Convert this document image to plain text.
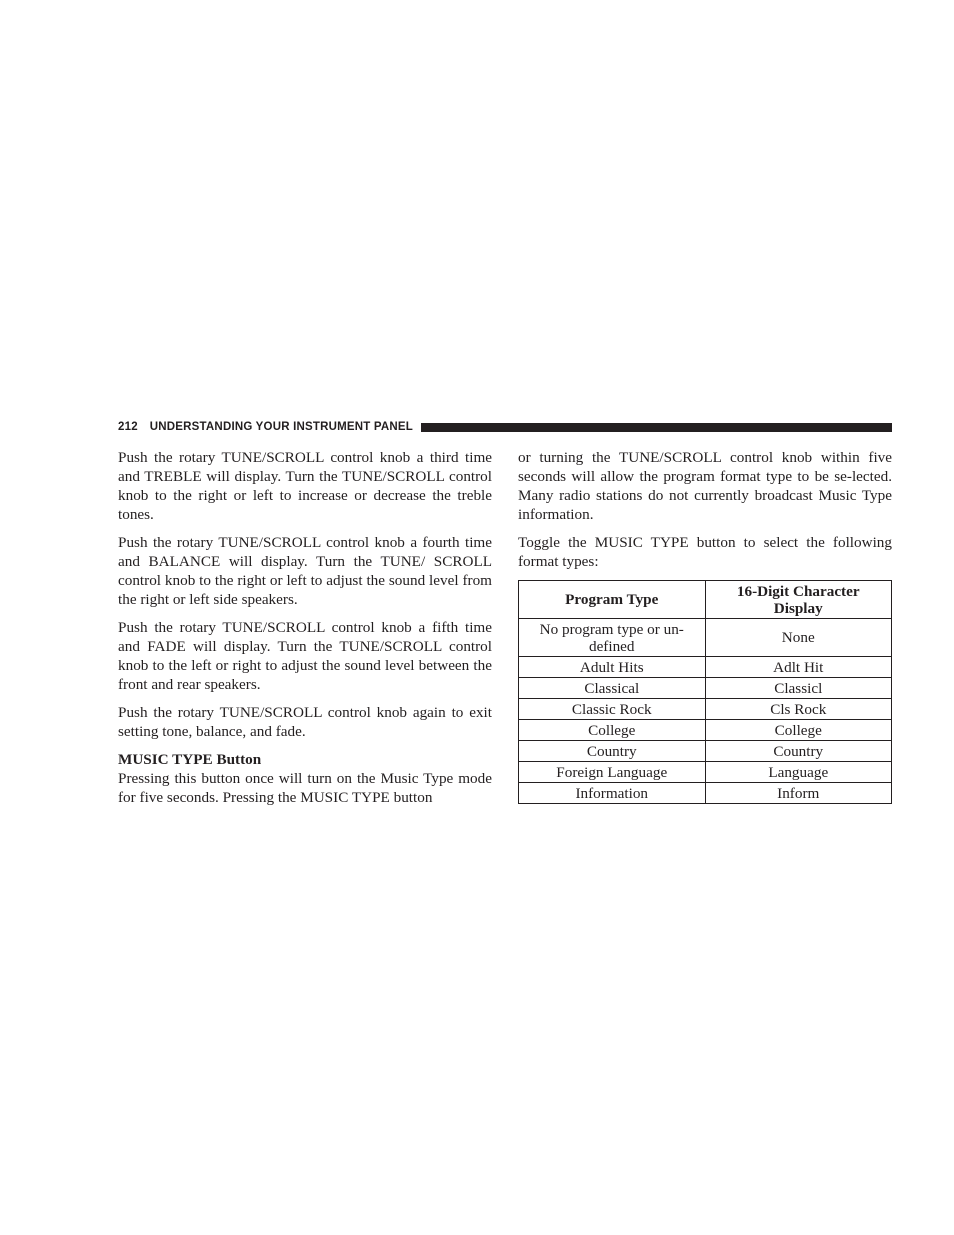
212 UNDERSTANDING YOUR INSTRUMENT PANEL

Push the rotary TUNE/SCROLL control knob a third time and TREBLE will display. Turn the TUNE/SCROLL control knob to the right or left to increase or decrease the treble tones.

Push the rotary TUNE/SCROLL control knob a fourth time and BALANCE will display. Turn the TUNE/ SCROLL control knob to the right or left to adjust the sound level from the right or left side speakers.

Push the rotary TUNE/SCROLL control knob a fifth time and FADE will display. Turn the TUNE/SCROLL control knob to the left or right to adjust the sound level between the front and rear speakers.

Push the rotary TUNE/SCROLL control knob again to exit setting tone, balance, and fade.

MUSIC TYPE Button

Pressing this button once will turn on the Music Type mode for five seconds. Pressing the MUSIC TYPE button

or turning the TUNE/SCROLL control knob within five seconds will allow the program format type to be se-lected. Many radio stations do not currently broadcast Music Type information.

Toggle the MUSIC TYPE button to select the following format types:

Program Type	16-Digit Character Display
No program type or un-defined	None
Adult Hits	Adlt Hit
Classical	Classicl
Classic Rock	Cls Rock
College	College
Country	Country
Foreign Language	Language
Information	Inform
